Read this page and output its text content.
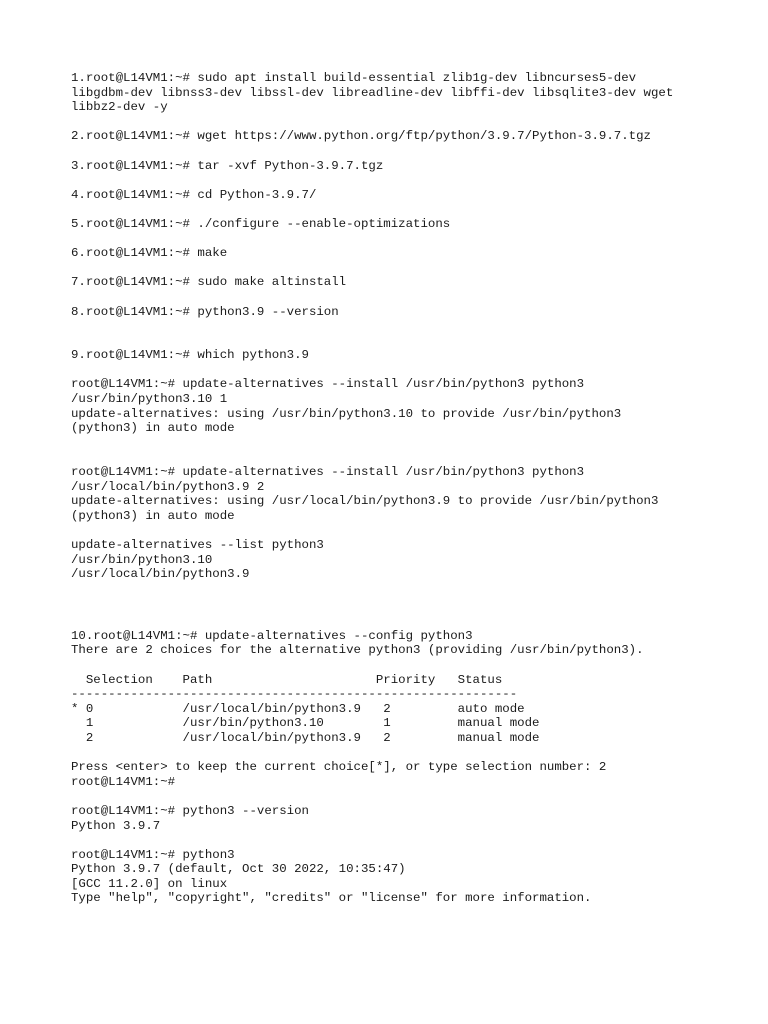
1.root@L14VM1:~# sudo apt install build-essential zlib1g-dev libncurses5-dev
libgdbm-dev libnss3-dev libssl-dev libreadline-dev libffi-dev libsqlite3-dev wget
libbz2-dev -y
2.root@L14VM1:~# wget https://www.python.org/ftp/python/3.9.7/Python-3.9.7.tgz
3.root@L14VM1:~# tar -xvf Python-3.9.7.tgz
4.root@L14VM1:~# cd Python-3.9.7/
5.root@L14VM1:~# ./configure --enable-optimizations
6.root@L14VM1:~# make
7.root@L14VM1:~# sudo make altinstall
8.root@L14VM1:~# python3.9 --version
9.root@L14VM1:~# which python3.9
root@L14VM1:~# update-alternatives --install /usr/bin/python3 python3
/usr/bin/python3.10 1
update-alternatives: using /usr/bin/python3.10 to provide /usr/bin/python3
(python3) in auto mode
root@L14VM1:~# update-alternatives --install /usr/bin/python3 python3
/usr/local/bin/python3.9 2
update-alternatives: using /usr/local/bin/python3.9 to provide /usr/bin/python3
(python3) in auto mode
update-alternatives --list python3
/usr/bin/python3.10
/usr/local/bin/python3.9
10.root@L14VM1:~# update-alternatives --config python3
There are 2 choices for the alternative python3 (providing /usr/bin/python3).
Selection    Path                      Priority   Status
------------------------------------------------------------
* 0            /usr/local/bin/python3.9   2         auto mode
1            /usr/bin/python3.10        1         manual mode
2            /usr/local/bin/python3.9   2         manual mode
Press <enter> to keep the current choice[*], or type selection number: 2
root@L14VM1:~#
root@L14VM1:~# python3 --version
Python 3.9.7
root@L14VM1:~# python3
Python 3.9.7 (default, Oct 30 2022, 10:35:47)
[GCC 11.2.0] on linux
Type "help", "copyright", "credits" or "license" for more information.
